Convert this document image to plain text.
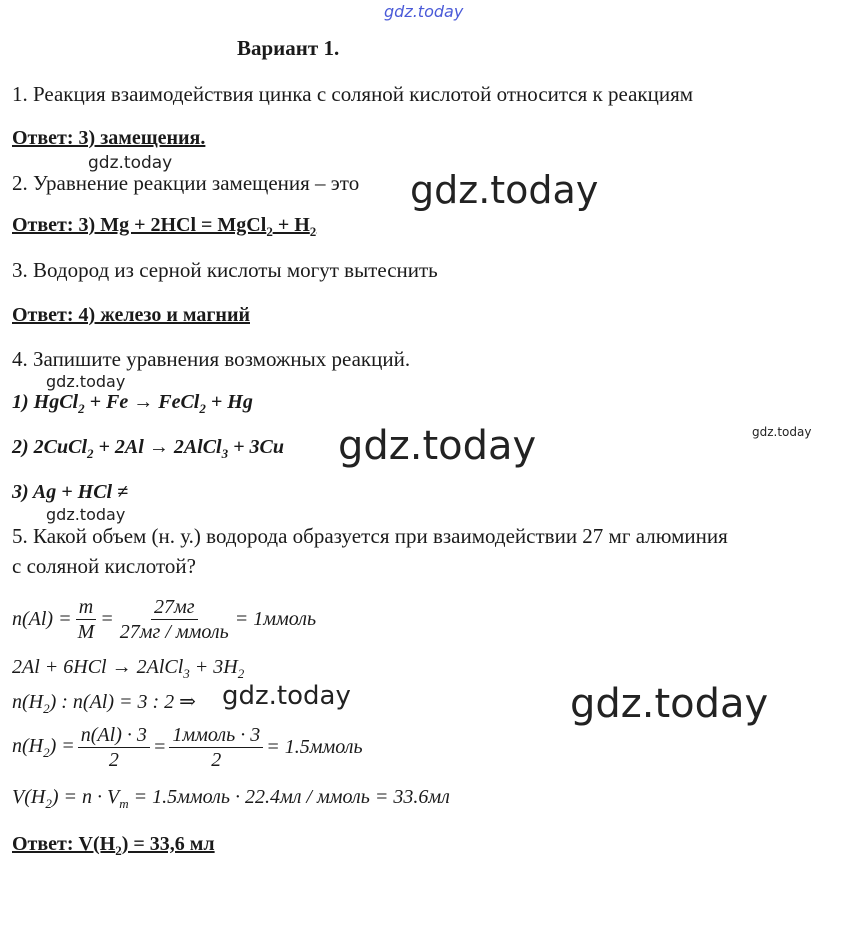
gdz.today
Вариант 1.
1. Реакция взаимодействия цинка с соляной кислотой относится к реакциям
Ответ: 3) замещения.
gdz.today
2. Уравнение реакции замещения – это gdz.today
Ответ: 3) Mg + 2HCl = MgCl$_2$ + $H_2$
3. Водород из серной кислоты могут вытеснить
Ответ: 4) железо и магний
4. Запишите уравнения возможных реакций.
gdz.today
1) HgCl$_2$ + Fe → FeCl$_2$ + Hg
2) 2CuCl$_2$ + 2Al → 2AlCl$_3$ + 3Cu gdz.today	gdz.today
3) Ag + HCl ≠
gdz.today
5. Какой объем (н. у.) водорода образуется при взаимодействии 27 мг алюминия
с соляной кислотой?
$n(Al) = \frac{m}{M} = \frac{27мг}{\text{27мг / ммоль}}$ = 1ммоль
2Al + 6HCl → 2AlCl$_3$ + $3H_2$
$n(H_2)$ : n(Al) = 3 : 2 ⇒ gdz.today	gdz.today
$n(H_2) = \frac{n(Al) \cdot 3}{2} = \frac{\text{1ммоль · 3}}{2}$ = 1.5ммоль
$V(H_2) = n \cdot V_m$ = 1.5ммоль · 22.4мл / ммоль = 33.6мл
Ответ: $V(H_2) = 33,6$ мл
